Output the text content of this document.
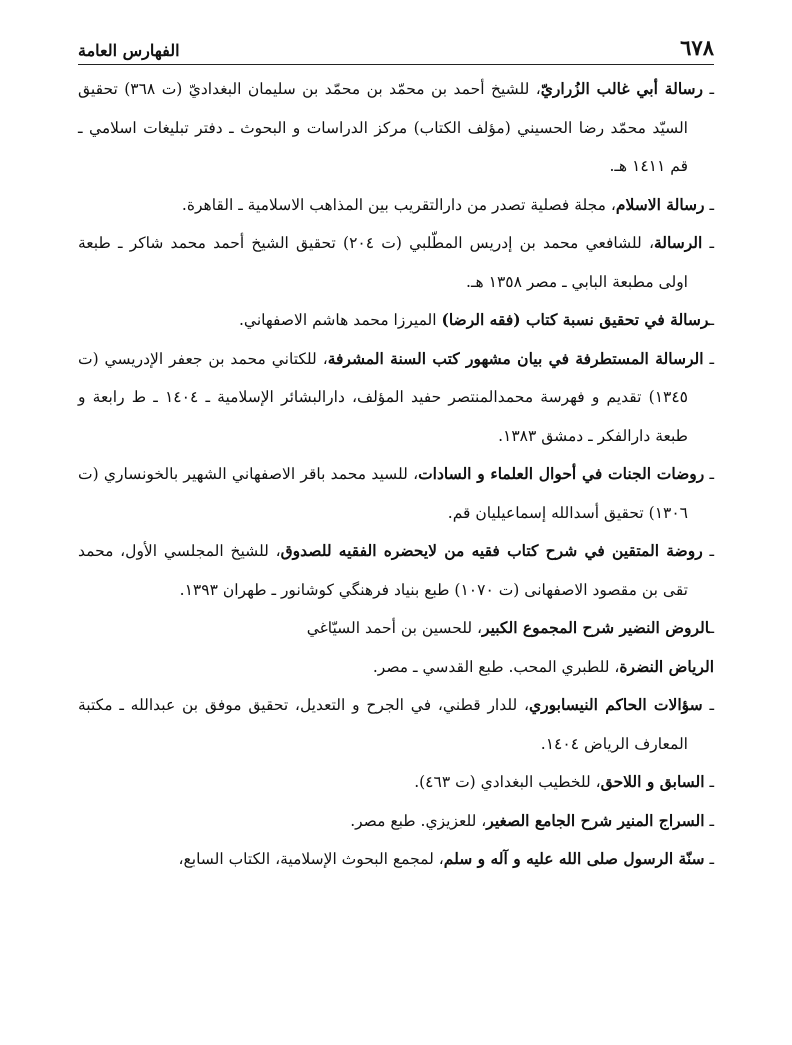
٦٧٨
الفهارس العامة

ـ رسالة أبي غالب الزُراريّ، للشيخ أحمد بن محمّد بن محمّد بن سليمان البغداديّ (ت ٣٦٨) تحقيق السيّد محمّد رضا الحسيني (مؤلف الكتاب) مركز الدراسات و البحوث ـ دفتر تبليغات اسلامي ـ قم ١٤١١ هـ.

ـ رسالة الاسلام، مجلة فصلية تصدر من دارالتقريب بين المذاهب الاسلامية ـ القاهرة.

ـ الرسالة، للشافعي محمد بن إدريس المطّلبي (ت ٢٠٤) تحقيق الشيخ أحمد محمد شاكر ـ طبعة اولى مطبعة البابي ـ مصر ١٣٥٨ هـ.

ـرسالة في تحقيق نسبة كتاب (فقه الرضا) الميرزا محمد هاشم الاصفهاني.

ـ الرسالة المستطرفة في بيان مشهور كتب السنة المشرفة، للكتاني محمد بن جعفر الإدريسي (ت ١٣٤٥) تقديم و فهرسة محمدالمنتصر حفيد المؤلف، دارالبشائر الإسلامية ـ ١٤٠٤ ـ ط رابعة و طبعة دارالفكر ـ دمشق ١٣٨٣.

ـ روضات الجنات في أحوال العلماء و السادات، للسيد محمد باقر الاصفهاني الشهير بالخونساري (ت ١٣٠٦) تحقيق أسدالله إسماعيليان قم.

ـ روضة المتقين في شرح كتاب فقيه من لايحضره الفقيه للصدوق، للشيخ المجلسي الأول، محمد تقى بن مقصود الاصفهانى (ت ١٠٧٠) طبع بنياد فرهنگي كوشانور ـ طهران ١٣٩٣.

ـالروض النضير شرح المجموع الكبير، للحسين بن أحمد السيّاغي

الرياض النضرة، للطبري المحب. طبع القدسي ـ مصر.

ـ سؤالات الحاكم النيسابوري، للدار قطني، في الجرح و التعديل، تحقيق موفق بن عبدالله ـ مكتبة المعارف الرياض ١٤٠٤.

ـ السابق و اللاحق، للخطيب البغدادي (ت ٤٦٣).

ـ السراج المنير شرح الجامع الصغير، للعزيزي. طبع مصر.

ـ سنّة الرسول صلى الله عليه و آله و سلم، لمجمع البحوث الإسلامية، الكتاب السابع،
